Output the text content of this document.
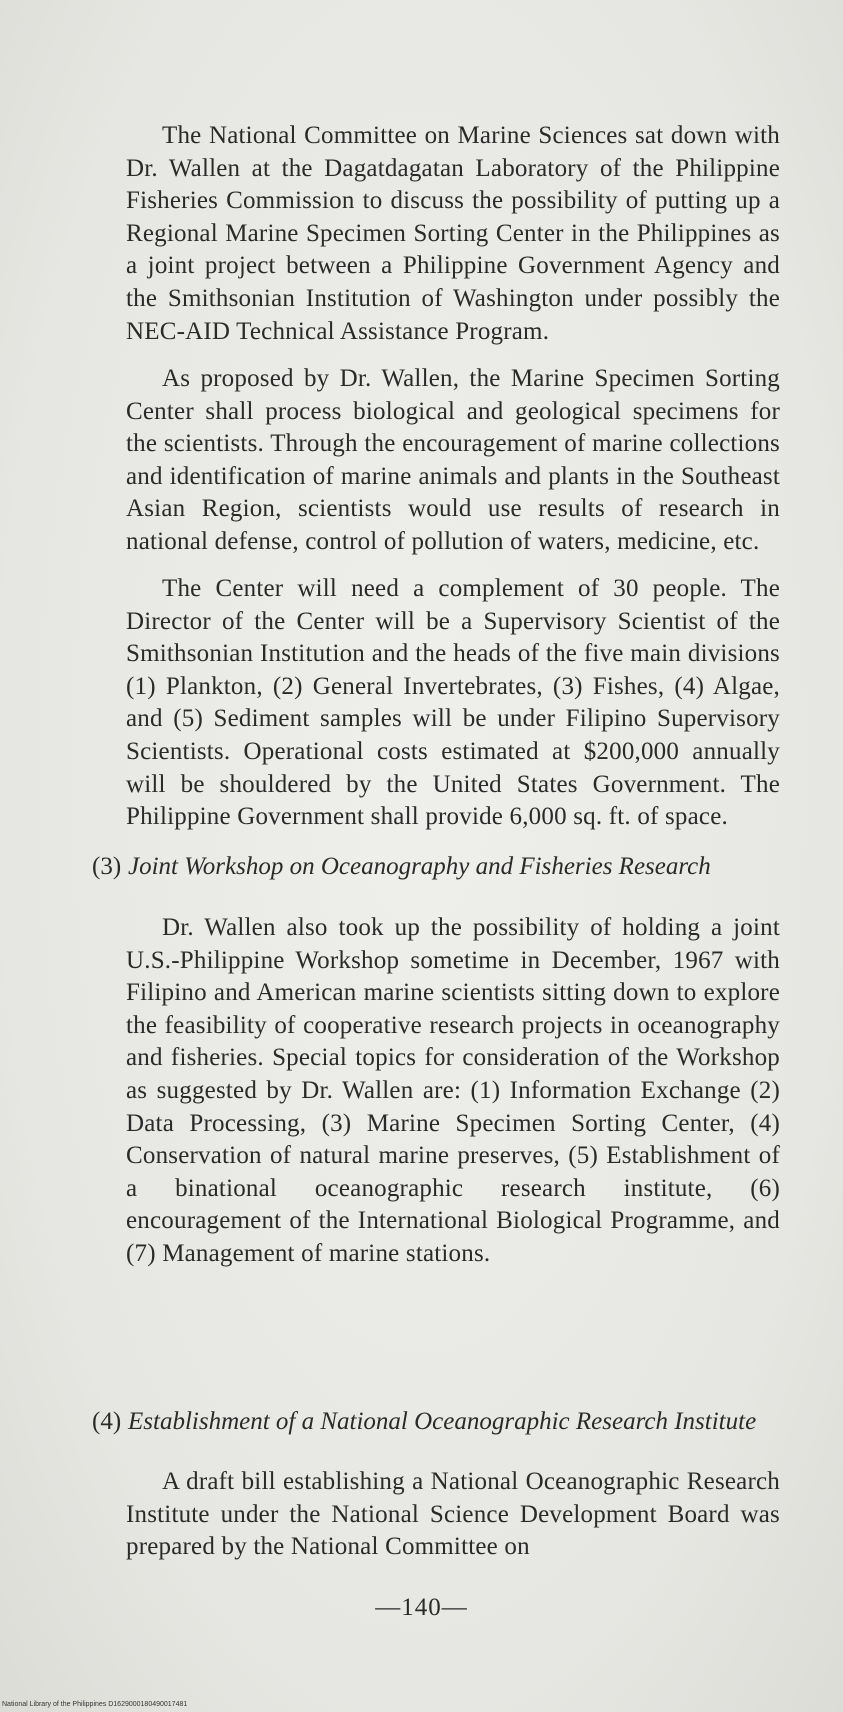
The National Committee on Marine Sciences sat down with Dr. Wallen at the Dagatdagatan Laboratory of the Philippine Fisheries Commission to discuss the possibility of putting up a Regional Marine Specimen Sorting Center in the Philippines as a joint project between a Philippine Government Agency and the Smithsonian Institution of Washington under possibly the NEC-AID Technical Assistance Program.

As proposed by Dr. Wallen, the Marine Specimen Sorting Center shall process biological and geological specimens for the scientists. Through the encouragement of marine collections and identification of marine animals and plants in the Southeast Asian Region, scientists would use results of research in national defense, control of pollution of waters, medicine, etc.

The Center will need a complement of 30 people. The Director of the Center will be a Supervisory Scientist of the Smithsonian Institution and the heads of the five main divisions (1) Plankton, (2) General Invertebrates, (3) Fishes, (4) Algae, and (5) Sediment samples will be under Filipino Supervisory Scientists. Operational costs estimated at $200,000 annually will be shouldered by the United States Government. The Philippine Government shall provide 6,000 sq. ft. of space.

(3) Joint Workshop on Oceanography and Fisheries Research

Dr. Wallen also took up the possibility of holding a joint U.S.-Philippine Workshop sometime in December, 1967 with Filipino and American marine scientists sitting down to explore the feasibility of cooperative research projects in oceanography and fisheries. Special topics for consideration of the Workshop as suggested by Dr. Wallen are: (1) Information Exchange (2) Data Processing, (3) Marine Specimen Sorting Center, (4) Conservation of natural marine preserves, (5) Establishment of a binational oceanographic research institute, (6) encouragement of the International Biological Programme, and (7) Management of marine stations.

(4) Establishment of a National Oceanographic Research Institute

A draft bill establishing a National Oceanographic Research Institute under the National Science Development Board was prepared by the National Committee on

—140—
National Library of the Philippines D1629000180490017481
